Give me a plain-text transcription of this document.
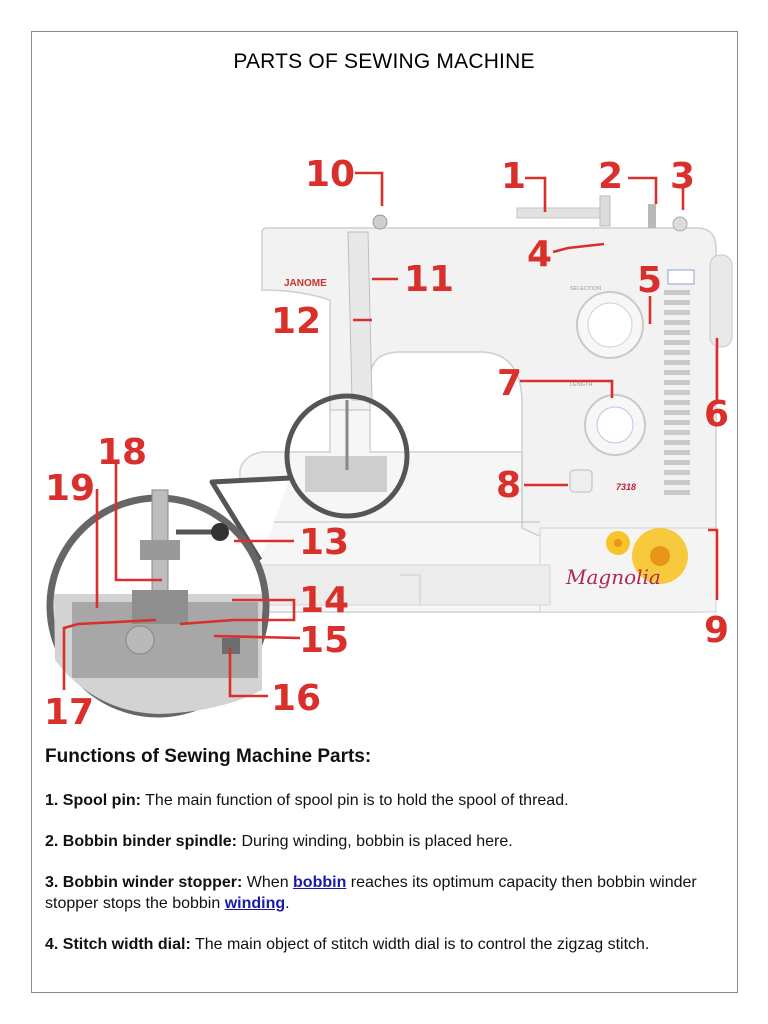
PARTS OF SEWING MACHINE
JANOME	SELECTION
LENGTH
7318
Magnolia
1 2 3
4
5
6
7
8
9
10
11
12
13
18
19
14
15
16
17
Functions of Sewing Machine Parts:
1. Spool pin: The main function of spool pin is to hold the spool of thread.
2. Bobbin binder spindle: During winding, bobbin is placed here.
3. Bobbin winder stopper: When bobbin reaches its optimum capacity then bobbin winder stopper stops the bobbin winding.
4. Stitch width dial: The main object of stitch width dial is to control the zigzag stitch.
